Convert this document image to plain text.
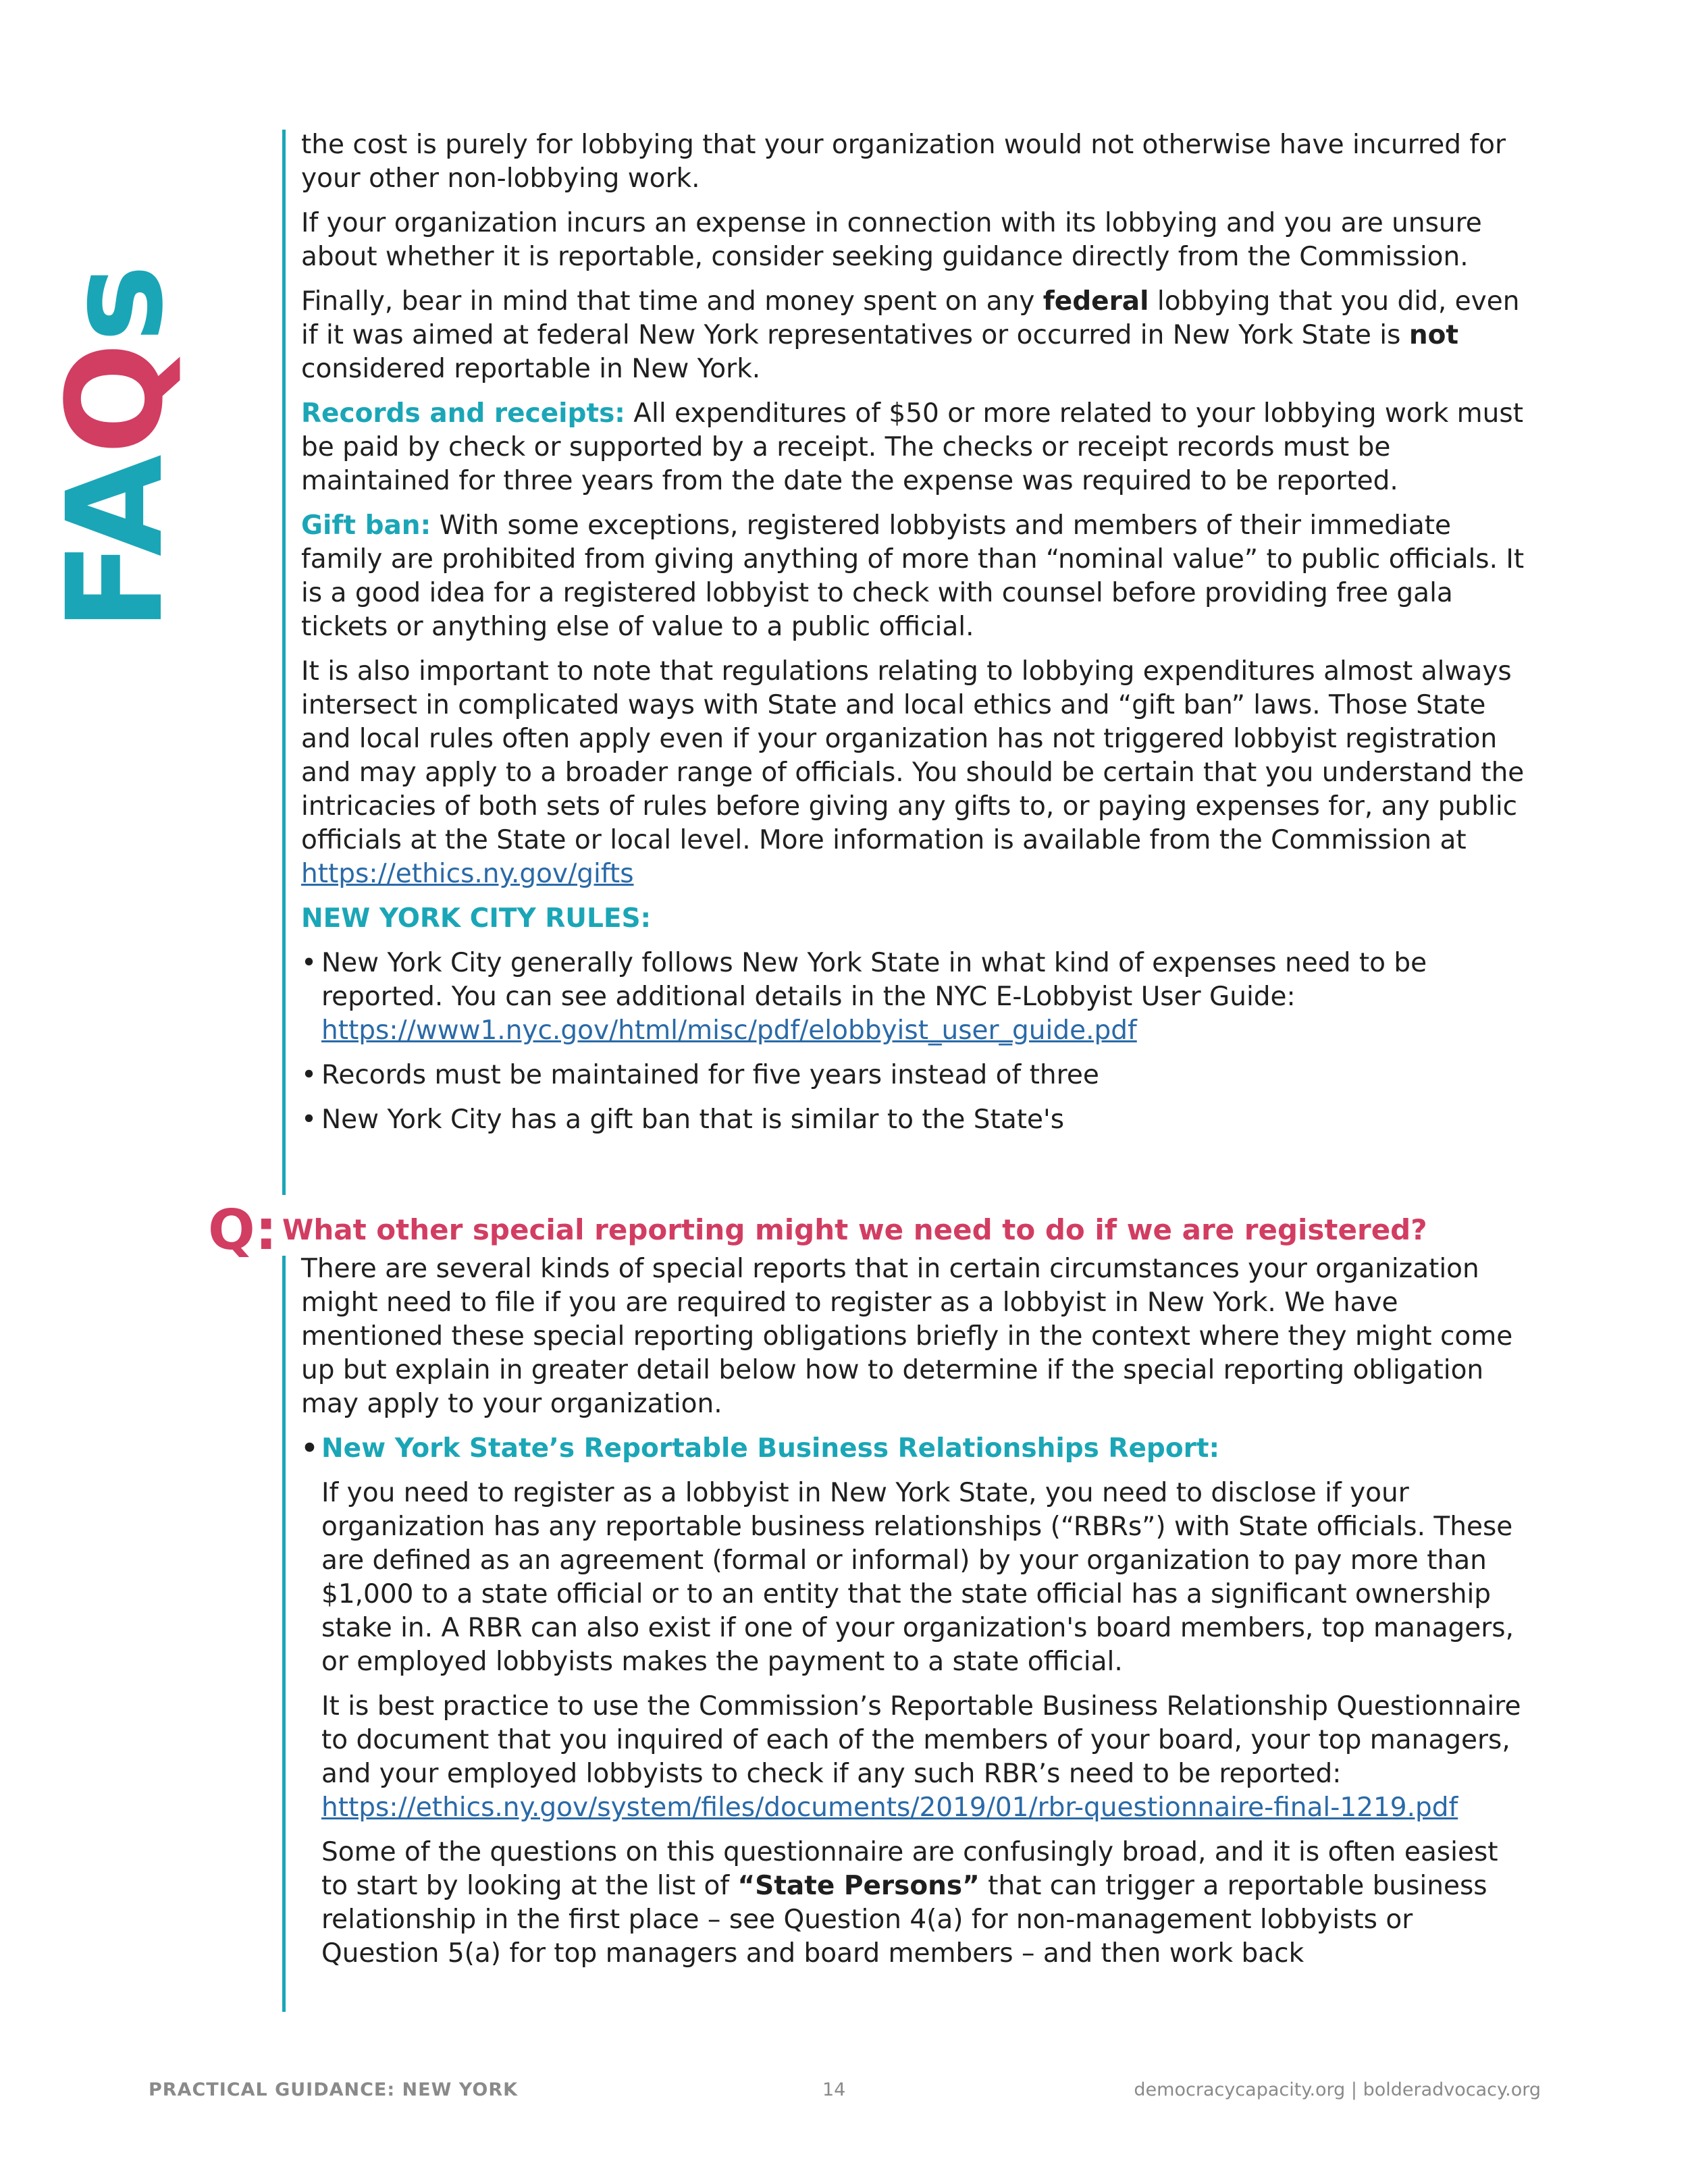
FAQs

the cost is purely for lobbying that your organization would not otherwise have incurred for your other non-lobbying work.

If your organization incurs an expense in connection with its lobbying and you are unsure about whether it is reportable, consider seeking guidance directly from the Commission.

Finally, bear in mind that time and money spent on any federal lobbying that you did, even if it was aimed at federal New York representatives or occurred in New York State is not considered reportable in New York.

Records and receipts: All expenditures of $50 or more related to your lobbying work must be paid by check or supported by a receipt. The checks or receipt records must be maintained for three years from the date the expense was required to be reported.

Gift ban: With some exceptions, registered lobbyists and members of their immediate family are prohibited from giving anything of more than “nominal value” to public officials. It is a good idea for a registered lobbyist to check with counsel before providing free gala tickets or anything else of value to a public official.

It is also important to note that regulations relating to lobbying expenditures almost always intersect in complicated ways with State and local ethics and “gift ban” laws. Those State and local rules often apply even if your organization has not triggered lobbyist registration and may apply to a broader range of officials. You should be certain that you understand the intricacies of both sets of rules before giving any gifts to, or paying expenses for, any public officials at the State or local level. More information is available from the Commission at https://ethics.ny.gov/gifts

NEW YORK CITY RULES:

• New York City generally follows New York State in what kind of expenses need to be reported. You can see additional details in the NYC E-Lobbyist User Guide: https://www1.nyc.gov/html/misc/pdf/elobbyist_user_guide.pdf
• Records must be maintained for five years instead of three
• New York City has a gift ban that is similar to the State's
Q: What other special reporting might we need to do if we are registered?

There are several kinds of special reports that in certain circumstances your organization might need to file if you are required to register as a lobbyist in New York. We have mentioned these special reporting obligations briefly in the context where they might come up but explain in greater detail below how to determine if the special reporting obligation may apply to your organization.

• New York State’s Reportable Business Relationships Report:

If you need to register as a lobbyist in New York State, you need to disclose if your organization has any reportable business relationships (“RBRs”) with State officials. These are defined as an agreement (formal or informal) by your organization to pay more than $1,000 to a state official or to an entity that the state official has a significant ownership stake in. A RBR can also exist if one of your organization's board members, top managers, or employed lobbyists makes the payment to a state official.

It is best practice to use the Commission’s Reportable Business Relationship Questionnaire to document that you inquired of each of the members of your board, your top managers, and your employed lobbyists to check if any such RBR’s need to be reported: https://ethics.ny.gov/system/files/documents/2019/01/rbr-questionnaire-final-1219.pdf

Some of the questions on this questionnaire are confusingly broad, and it is often easiest to start by looking at the list of “State Persons” that can trigger a reportable business relationship in the first place – see Question 4(a) for non-management lobbyists or Question 5(a) for top managers and board members – and then work back

PRACTICAL GUIDANCE: NEW YORK	14	democracycapacity.org | bolderadvocacy.org
